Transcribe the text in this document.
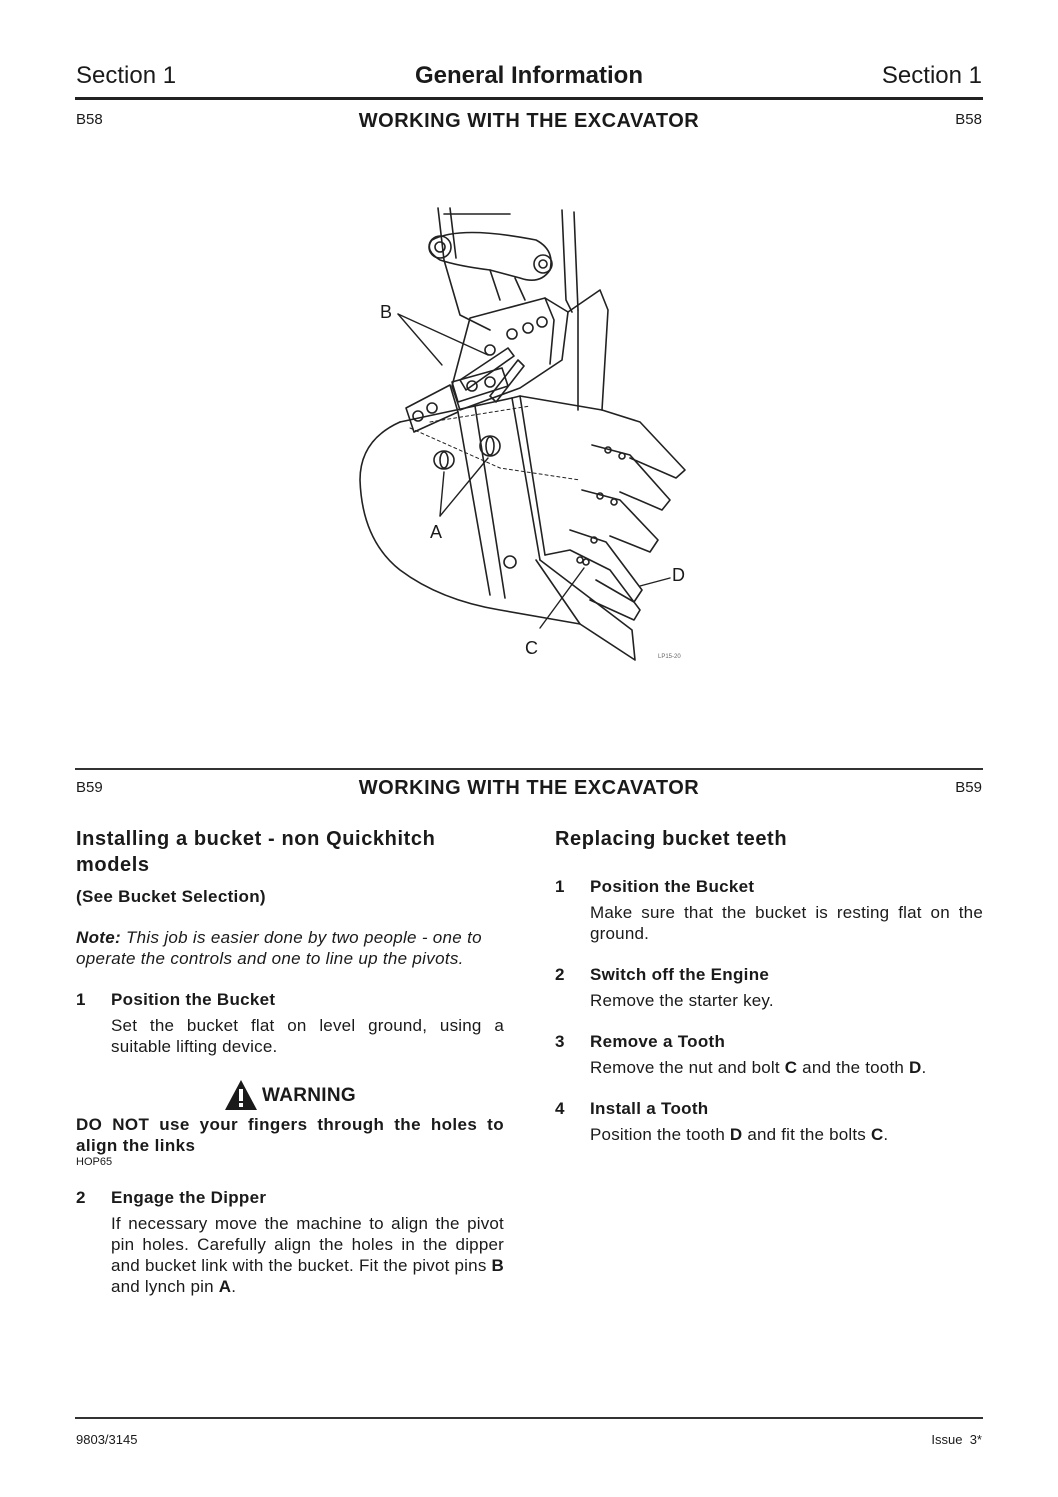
Section 1	General Information	Section 1
B58	WORKING WITH THE EXCAVATOR	B58
B
A
C
D
LP15-20
B59	WORKING WITH THE EXCAVATOR	B59
Installing a bucket - non Quickhitch models
(See Bucket Selection)
Note: This job is easier done by two people - one to operate the controls and one to line up the pivots.
1	Position the Bucket
Set the bucket flat on level ground, using a suitable lifting device.
WARNING
DO NOT use your fingers through the holes to align the links
HOP65
2	Engage the Dipper
If necessary move the machine to align the pivot pin holes. Carefully align the holes in the dipper and bucket link with the bucket. Fit the pivot pins B and lynch pin A.
Replacing bucket teeth
1	Position the Bucket
Make sure that the bucket is resting flat on the ground.
2	Switch off the Engine
Remove the starter key.
3	Remove a Tooth
Remove the nut and bolt C and the tooth D.
4	Install a Tooth
Position the tooth D and fit the bolts C.
9803/3145	Issue  3*
